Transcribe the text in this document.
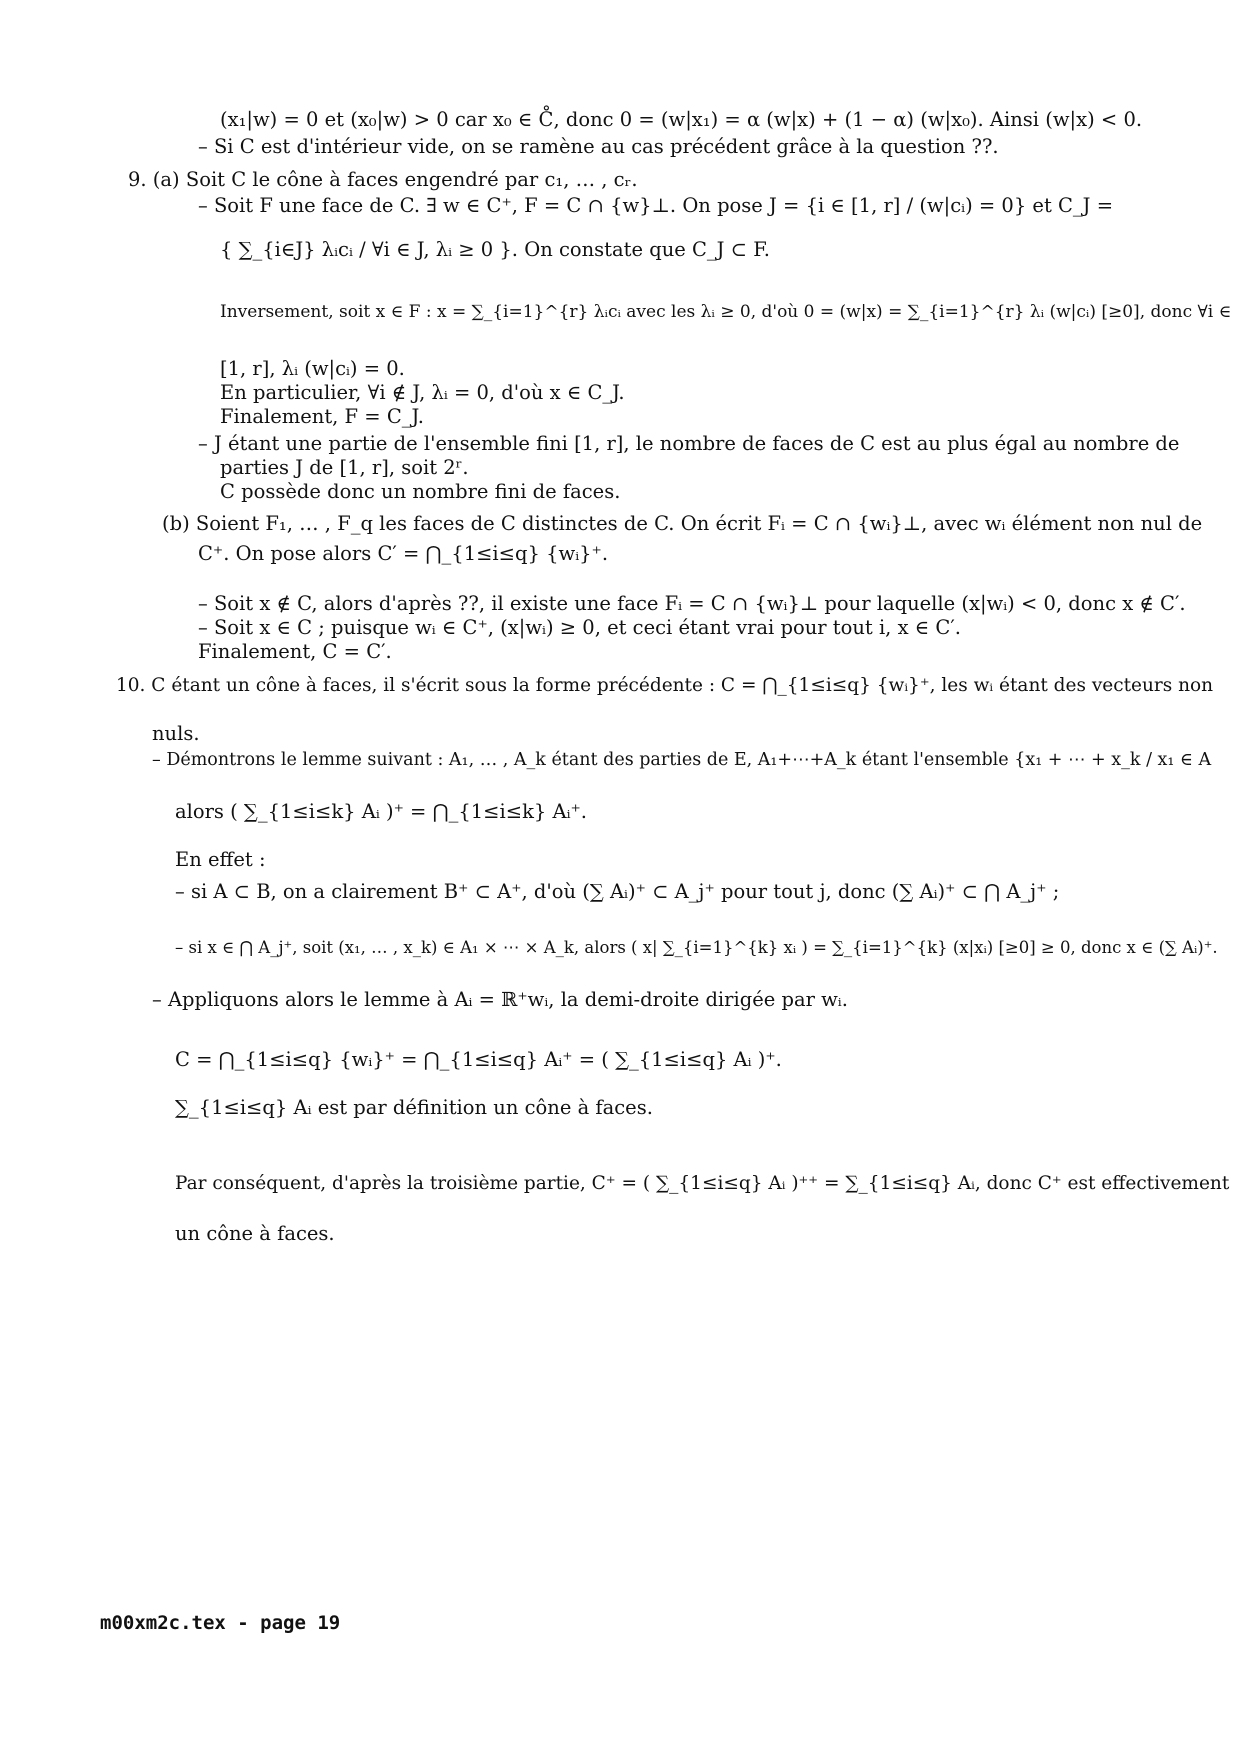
(x₁|w) = 0 et (x₀|w) > 0 car x₀ ∈ C̊, donc 0 = (w|x₁) = α (w|x) + (1 − α) (w|x₀). Ainsi (w|x) < 0.
– Si C est d'intérieur vide, on se ramène au cas précédent grâce à la question ??.
9. (a) Soit C le cône à faces engendré par c₁, … , cᵣ.
– Soit F une face de C. ∃ w ∈ C⁺, F = C ∩ {w}⊥. On pose J = {i ∈ [1, r] / (w|cᵢ) = 0} et C_J =
{ ∑_{i∈J} λᵢcᵢ / ∀i ∈ J, λᵢ ≥ 0 }. On constate que C_J ⊂ F.
Inversement, soit x ∈ F : x = ∑_{i=1}^{r} λᵢcᵢ avec les λᵢ ≥ 0, d'où 0 = (w|x) = ∑_{i=1}^{r} λᵢ (w|cᵢ) [≥0], donc ∀i ∈
[1, r], λᵢ (w|cᵢ) = 0.
En particulier, ∀i ∉ J, λᵢ = 0, d'où x ∈ C_J.
Finalement, F = C_J.
– J étant une partie de l'ensemble fini [1, r], le nombre de faces de C est au plus égal au nombre de
parties J de [1, r], soit 2ʳ.
C possède donc un nombre fini de faces.
(b) Soient F₁, … , F_q les faces de C distinctes de C. On écrit Fᵢ = C ∩ {wᵢ}⊥, avec wᵢ élément non nul de
C⁺. On pose alors C′ = ⋂_{1≤i≤q} {wᵢ}⁺.
– Soit x ∉ C, alors d'après ??, il existe une face Fᵢ = C ∩ {wᵢ}⊥ pour laquelle (x|wᵢ) < 0, donc x ∉ C′.
– Soit x ∈ C ; puisque wᵢ ∈ C⁺, (x|wᵢ) ≥ 0, et ceci étant vrai pour tout i, x ∈ C′.
Finalement, C = C′.
10. C étant un cône à faces, il s'écrit sous la forme précédente : C = ⋂_{1≤i≤q} {wᵢ}⁺, les wᵢ étant des vecteurs non
nuls.
– Démontrons le lemme suivant : A₁, … , A_k étant des parties de E, A₁+⋯+A_k étant l'ensemble {x₁ + ⋯ + x_k / x₁ ∈ A
alors ( ∑_{1≤i≤k} Aᵢ )⁺ = ⋂_{1≤i≤k} Aᵢ⁺.
En effet :
– si A ⊂ B, on a clairement B⁺ ⊂ A⁺, d'où (∑ Aᵢ)⁺ ⊂ A_j⁺ pour tout j, donc (∑ Aᵢ)⁺ ⊂ ⋂ A_j⁺ ;
– si x ∈ ⋂ A_j⁺, soit (x₁, … , x_k) ∈ A₁ × ⋯ × A_k, alors ( x| ∑_{i=1}^{k} xᵢ ) = ∑_{i=1}^{k} (x|xᵢ) [≥0] ≥ 0, donc x ∈ (∑ Aᵢ)⁺.
– Appliquons alors le lemme à Aᵢ = ℝ⁺wᵢ, la demi-droite dirigée par wᵢ.
C = ⋂_{1≤i≤q} {wᵢ}⁺ = ⋂_{1≤i≤q} Aᵢ⁺ = ( ∑_{1≤i≤q} Aᵢ )⁺.
∑_{1≤i≤q} Aᵢ est par définition un cône à faces.
Par conséquent, d'après la troisième partie, C⁺ = ( ∑_{1≤i≤q} Aᵢ )⁺⁺ = ∑_{1≤i≤q} Aᵢ, donc C⁺ est effectivement
un cône à faces.
m00xm2c.tex - page 19
